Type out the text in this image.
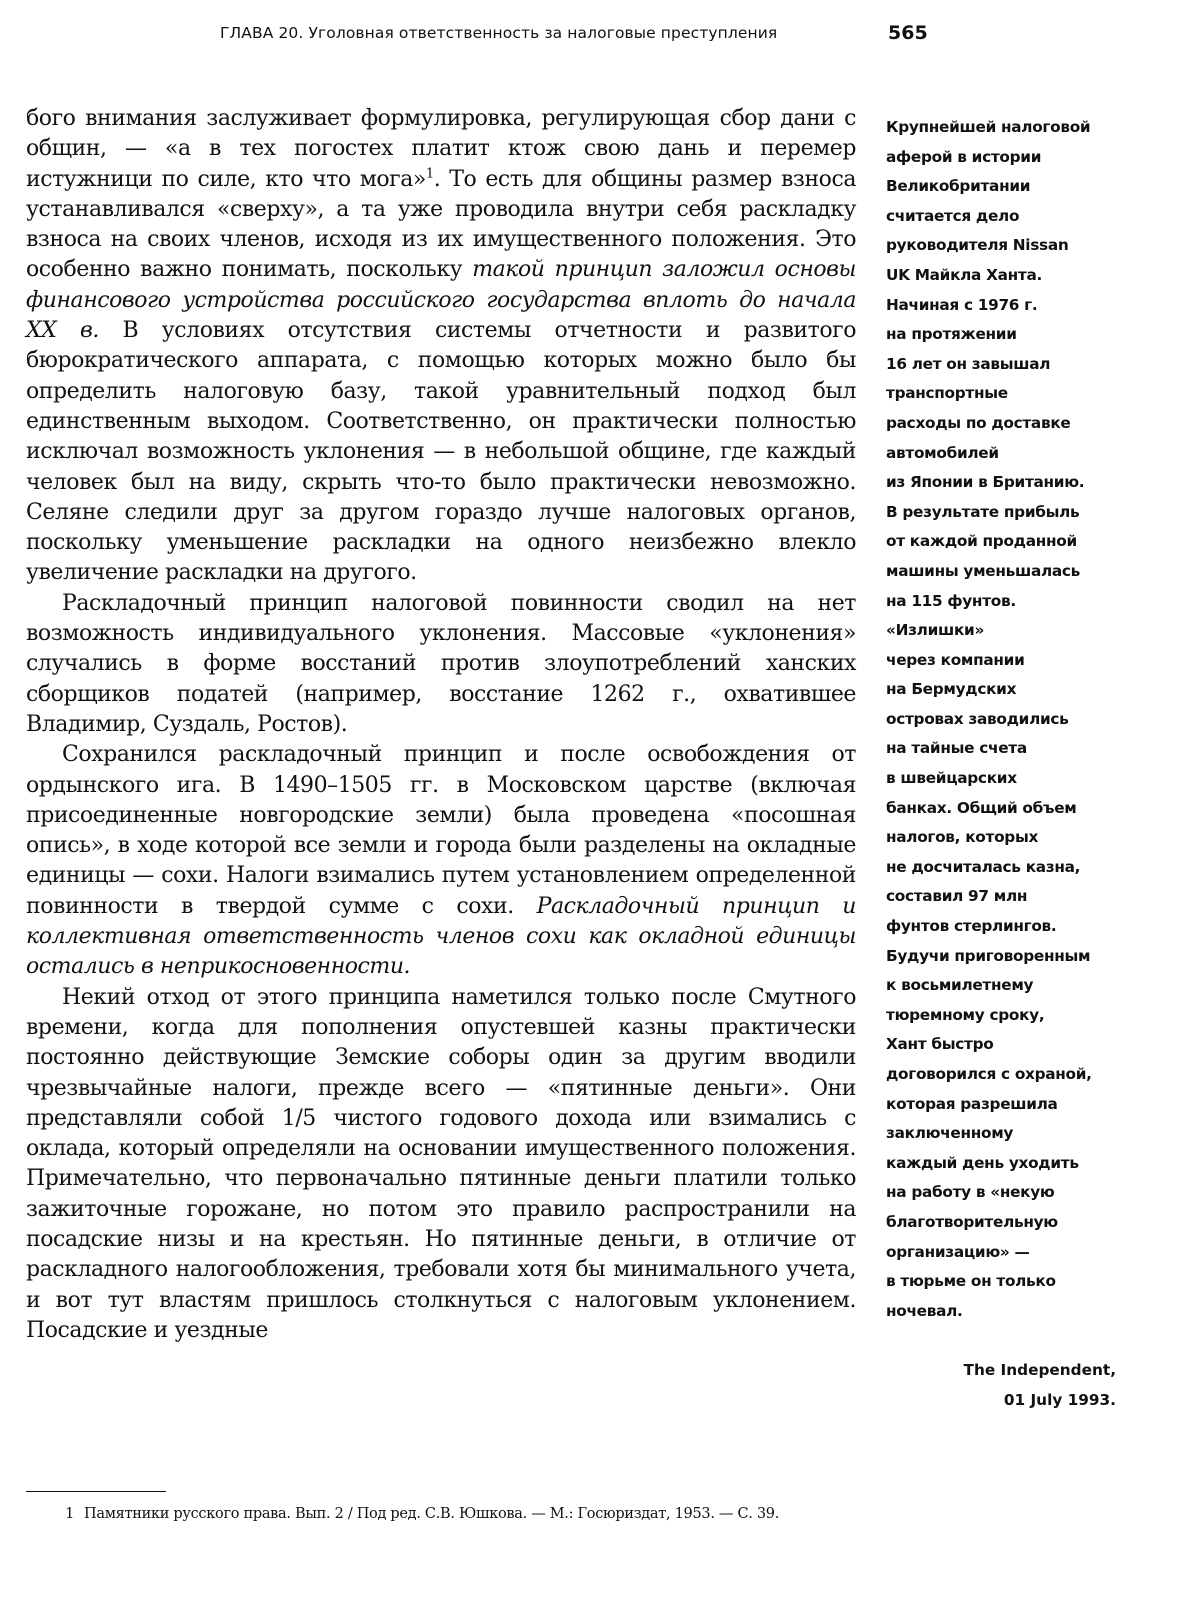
ГЛАВА 20. Уголовная ответственность за налоговые преступления	565

бого внимания заслуживает формулировка, регулирующая сбор дани с общин, — «а в тех погостех платит ктож свою дань и перемер истужници по силе, кто что мога»$^1$. То есть для общины размер взноса устанавливался «сверху», а та уже проводила внутри себя раскладку взноса на своих членов, исходя из их имущественного положения. Это особенно важно понимать, поскольку такой принцип заложил основы финансового устройства российского государства вплоть до начала XX в. В условиях отсутствия системы отчетности и развитого бюрократического аппарата, с помощью которых можно было бы определить налоговую базу, такой уравнительный подход был единственным выходом. Соответственно, он практически полностью исключал возможность уклонения — в небольшой общине, где каждый человек был на виду, скрыть что-то было практически невозможно. Селяне следили друг за другом гораздо лучше налоговых органов, поскольку уменьшение раскладки на одного неизбежно влекло увеличение раскладки на другого.

Раскладочный принцип налоговой повинности сводил на нет возможность индивидуального уклонения. Массовые «уклонения» случались в форме восстаний против злоупотреблений ханских сборщиков податей (например, восстание 1262 г., охватившее Владимир, Суздаль, Ростов).

Сохранился раскладочный принцип и после освобождения от ордынского ига. В 1490–1505 гг. в Московском царстве (включая присоединенные новгородские земли) была проведена «посошная опись», в ходе которой все земли и города были разделены на окладные единицы — сохи. Налоги взимались путем установлением определенной повинности в твердой сумме с сохи. Раскладочный принцип и коллективная ответственность членов сохи как окладной единицы остались в неприкосновенности.

Некий отход от этого принципа наметился только после Смутного времени, когда для пополнения опустевшей казны практически постоянно действующие Земские соборы один за другим вводили чрезвычайные налоги, прежде всего — «пятинные деньги». Они представляли собой 1/5 чистого годового дохода или взимались с оклада, который определяли на основании имущественного положения. Примечательно, что первоначально пятинные деньги платили только зажиточные горожане, но потом это правило распространили на посадские низы и на крестьян. Но пятинные деньги, в отличие от раскладного налогообложения, требовали хотя бы минимального учета, и вот тут властям пришлось столкнуться с налоговым уклонением. Посадские и уездные

Крупнейшей налоговой
аферой в истории
Великобритании
считается дело
руководителя Nissan
UK Майкла Ханта.
Начиная с 1976 г.
на протяжении
16 лет он завышал
транспортные
расходы по доставке
автомобилей
из Японии в Британию.
В результате прибыль
от каждой проданной
машины уменьшалась
на 115 фунтов.
«Излишки»
через компании
на Бермудских
островах заводились
на тайные счета
в швейцарских
банках. Общий объем
налогов, которых
не досчиталась казна,
составил 97 млн
фунтов стерлингов.
Будучи приговоренным
к восьмилетнему
тюремному сроку,
Хант быстро
договорился с охраной,
которая разрешила
заключенному
каждый день уходить
на работу в «некую
благотворительную
организацию» —
в тюрьме он только
ночевал.
The Independent,
01 July 1993.
1 Памятники русского права. Вып. 2 / Под ред. С.В. Юшкова. — М.: Госюриздат, 1953. — С. 39.
